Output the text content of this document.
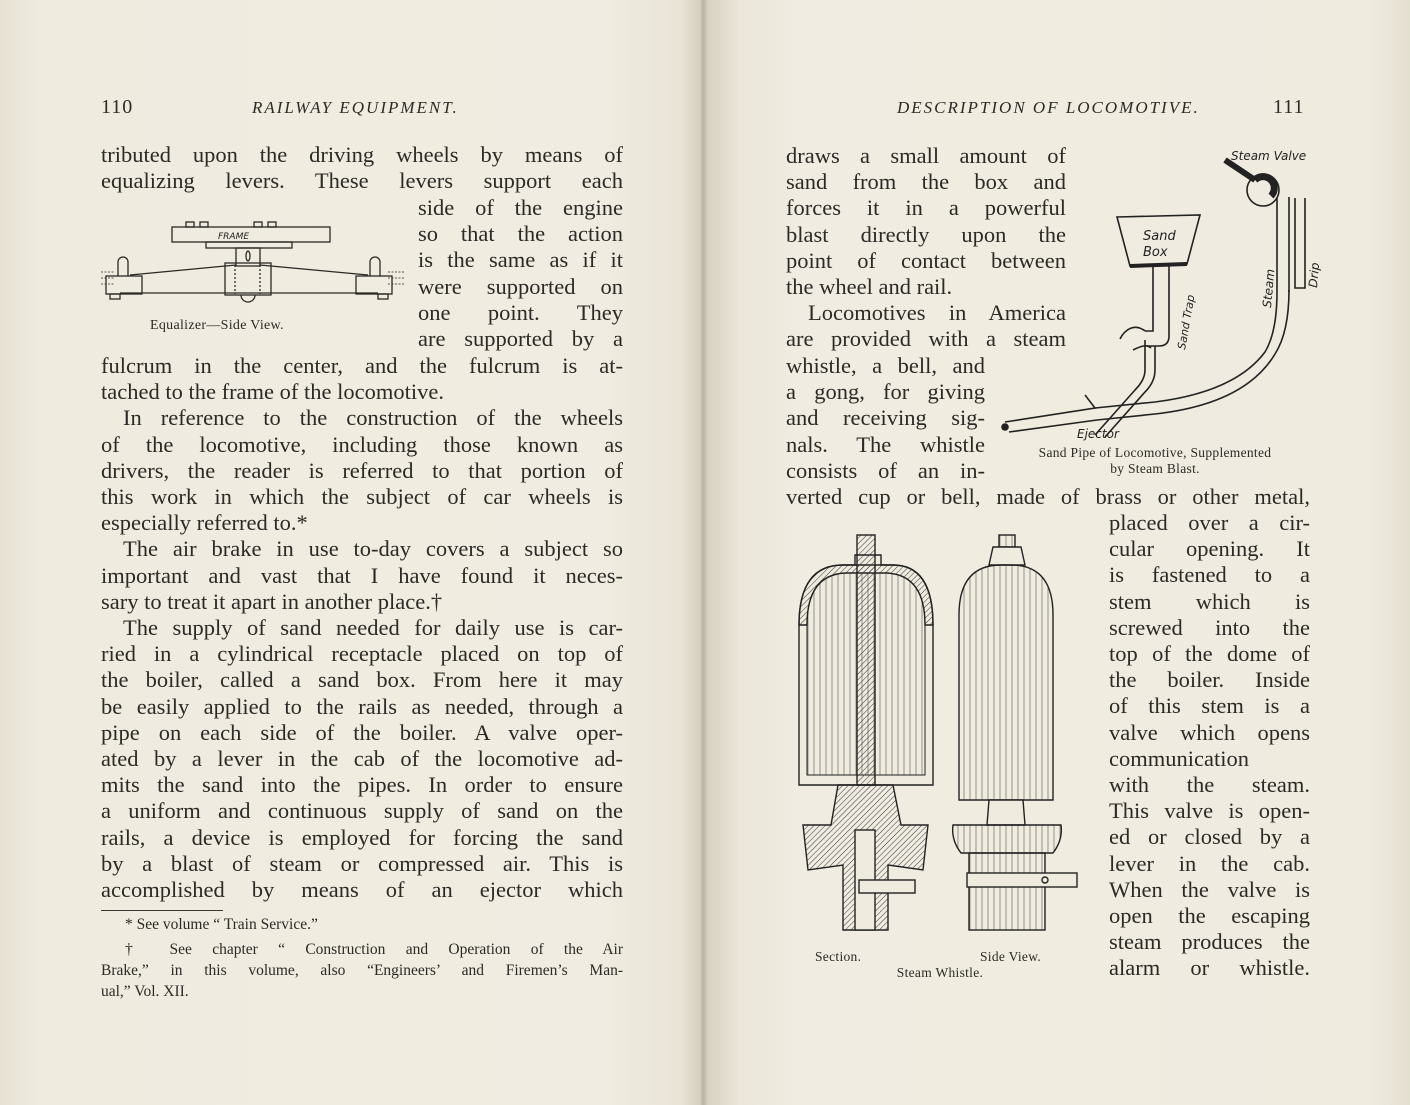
110	RAILWAY EQUIPMENT.
tributed upon the driving wheels by means of
equalizing levers. These levers support each
FRAME
Equalizer—Side View.
side of the engine
so that the action
is the same as if it
were supported on
one point. They
are supported by a
fulcrum in the center, and the fulcrum is at-
tached to the frame of the locomotive.
In reference to the construction of the wheels
of the locomotive, including those known as
drivers, the reader is referred to that portion of
this work in which the subject of car wheels is
especially referred to.*
The air brake in use to-day covers a subject so
important and vast that I have found it neces-
sary to treat it apart in another place.†
The supply of sand needed for daily use is car-
ried in a cylindrical receptacle placed on top of
the boiler, called a sand box. From here it may
be easily applied to the rails as needed, through a
pipe on each side of the boiler. A valve oper-
ated by a lever in the cab of the locomotive ad-
mits the sand into the pipes. In order to ensure
a uniform and continuous supply of sand on the
rails, a device is employed for forcing the sand
by a blast of steam or compressed air. This is
accomplished by means of an ejector which
* See volume “ Train Service.”
† See chapter “ Construction and Operation of the Air
Brake,” in this volume, also “Engineers’ and Firemen’s Man-
ual,” Vol. XII.
DESCRIPTION OF LOCOMOTIVE.	111
draws a small amount of
sand from the box and
forces it in a powerful
blast directly upon the
point of contact between
the wheel and rail.
Locomotives in America
are provided with a steam
whistle, a bell, and
a gong, for giving
and receiving sig-
nals. The whistle
consists of an in-
verted cup or bell, made of brass or other metal,
placed over a cir-
cular opening. It
is fastened to a
stem which is
screwed into the
top of the dome of
the boiler. Inside
of this stem is a
valve which opens
communication
with the steam.
This valve is open-
ed or closed by a
lever in the cab.
When the valve is
open the escaping
steam produces the
alarm or whistle.
Steam Valve
Sand
Box
Sand Trap
Steam Drip
Ejector
Sand Pipe of Locomotive, Supplemented
by Steam Blast.
Section.	Side View.
Steam Whistle.
